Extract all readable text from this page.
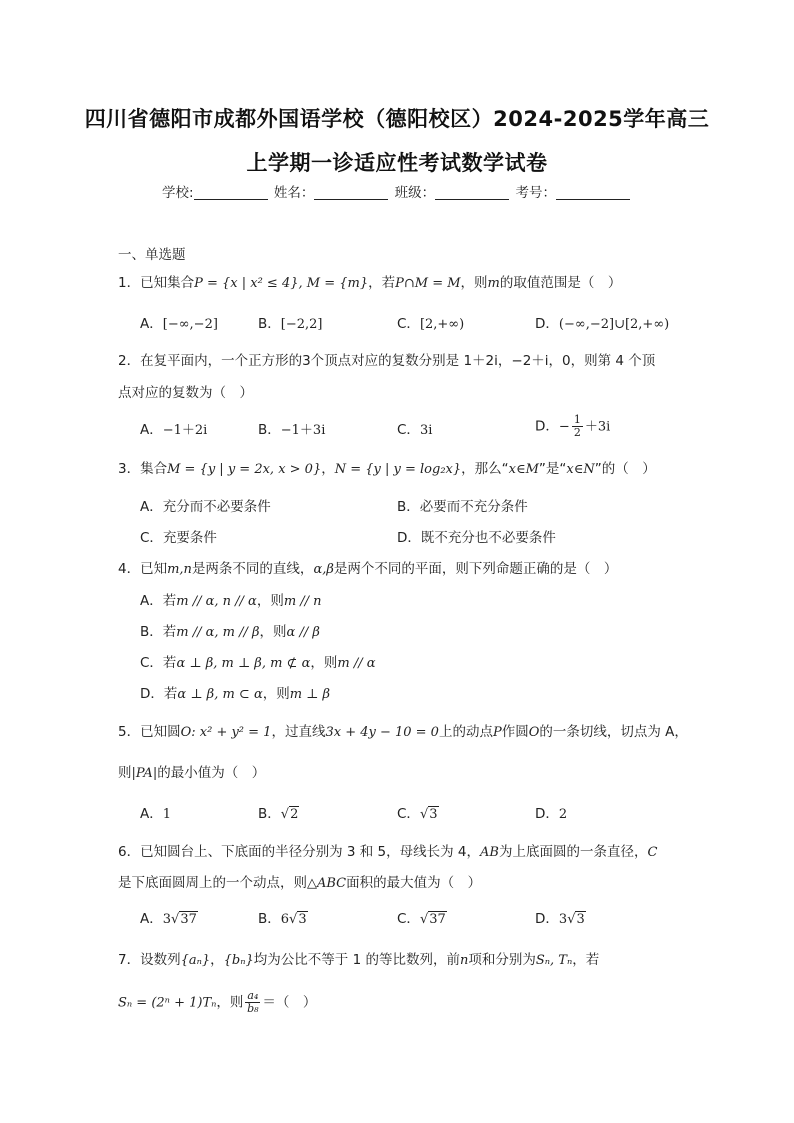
四川省德阳市成都外国语学校（德阳校区）2024-2025学年高三
上学期一诊适应性考试数学试卷
学校:	姓名：	班级：	考号：
一、单选题
1．已知集合P = {x | x² ≤ 4}, M = {m}，若P∩M = M，则m的取值范围是（　）
A．[−∞,−2]	B．[−2,2]	C．[2,+∞)	D．(−∞,−2]∪[2,+∞)
2．在复平面内，一个正方形的3个顶点对应的复数分别是 1＋2i，−2＋i，0，则第 4 个顶
点对应的复数为（　）
A．−1＋2i	B．−1＋3i	C．3i	D．− $\frac{1}{2} +3i$
3．集合M = {y | y = 2x, x > 0}，N = {y | y = log₂x}，那么“x∈M”是“x∈N”的（　）
A．充分而不必要条件	B．必要而不充分条件
C．充要条件	D．既不充分也不必要条件
4．已知m,n是两条不同的直线，α,β是两个不同的平面，则下列命题正确的是（　）
A．若m // α, n // α，则m // n
B．若m // α, m // β，则α // β
C．若α ⊥ β, m ⊥ β, m ⊄ α，则m // α
D．若α ⊥ β, m ⊂ α，则m ⊥ β
5．已知圆O: x² + y² = 1，过直线3x + 4y − 10 = 0上的动点P作圆O的一条切线，切点为 A，
则|PA|的最小值为（　）
A．1	B．√2	C．√3	D．2
6．已知圆台上、下底面的半径分别为 3 和 5，母线长为 4，AB为上底面圆的一条直径，C
是下底面圆周上的一个动点，则△ABC面积的最大值为（　）
A．3√37	B．6√3	C．√37	D．3√3
7．设数列{aₙ}，{bₙ}均为公比不等于 1 的等比数列，前n项和分别为Sₙ, Tₙ，若
Sₙ = (2ⁿ + 1)Tₙ，则 $\frac{\text{a₄}}{\text{b₈}}$ ＝（　）
